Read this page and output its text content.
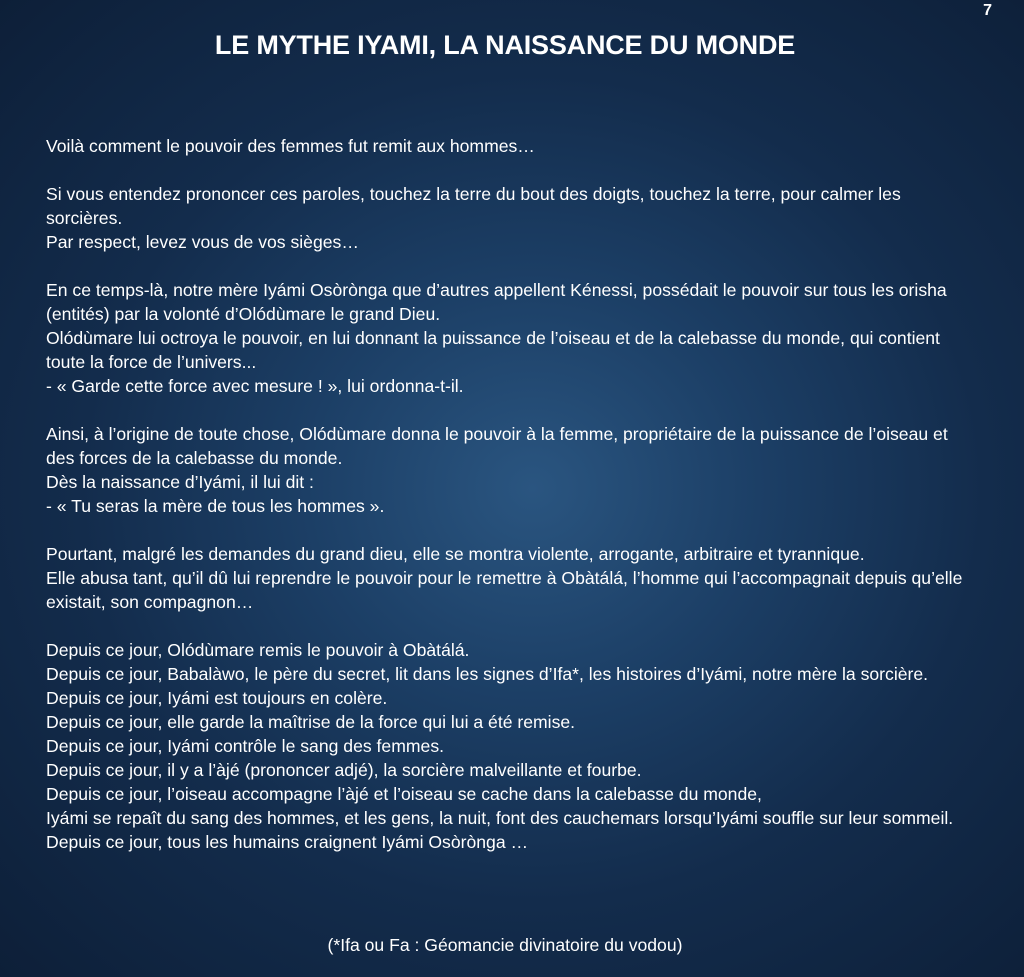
7
LE MYTHE IYAMI, LA NAISSANCE DU MONDE

Voilà comment le pouvoir des femmes fut remit aux hommes…

Si vous entendez prononcer ces paroles, touchez la terre du bout des doigts, touchez la terre, pour calmer les sorcières.
Par respect, levez vous de vos sièges…

En ce temps-là, notre mère Iyámi Osòrònga que d’autres appellent Kénessi, possédait le pouvoir sur tous les orisha (entités) par la volonté d’Olódùmare le grand Dieu.
Olódùmare lui octroya le pouvoir, en lui donnant la puissance de l’oiseau et de la calebasse du monde, qui contient toute la force de l’univers...
- « Garde cette force avec mesure ! », lui ordonna-t-il.

Ainsi, à l’origine de toute chose, Olódùmare donna le pouvoir à la femme, propriétaire de la puissance de l’oiseau et des forces de la calebasse du monde.
Dès la naissance d’Iyámi, il lui dit :
- « Tu seras la mère de tous les hommes ».

Pourtant, malgré les demandes du grand dieu, elle se montra violente, arrogante, arbitraire et tyrannique.
Elle abusa tant, qu’il dû lui reprendre le pouvoir pour le remettre à Obàtálá, l’homme qui l’accompagnait depuis qu’elle existait, son compagnon…

Depuis ce jour, Olódùmare remis le pouvoir à Obàtálá.
Depuis ce jour, Babalàwo, le père du secret, lit dans les signes d’Ifa*, les histoires d’Iyámi, notre mère la sorcière.
Depuis ce jour, Iyámi est toujours en colère.
Depuis ce jour, elle garde la maîtrise de la force qui lui a été remise.
Depuis ce jour, Iyámi contrôle le sang des femmes.
Depuis ce jour, il y a l’àjé (prononcer adjé), la sorcière malveillante et fourbe.
Depuis ce jour, l’oiseau accompagne l’àjé et l’oiseau se cache dans la calebasse du monde,
Iyámi se repaît du sang des hommes, et les gens, la nuit, font des cauchemars lorsqu’Iyámi souffle sur leur sommeil.
Depuis ce jour, tous les humains craignent Iyámi Osòrònga …

(*Ifa ou Fa : Géomancie divinatoire du vodou)
